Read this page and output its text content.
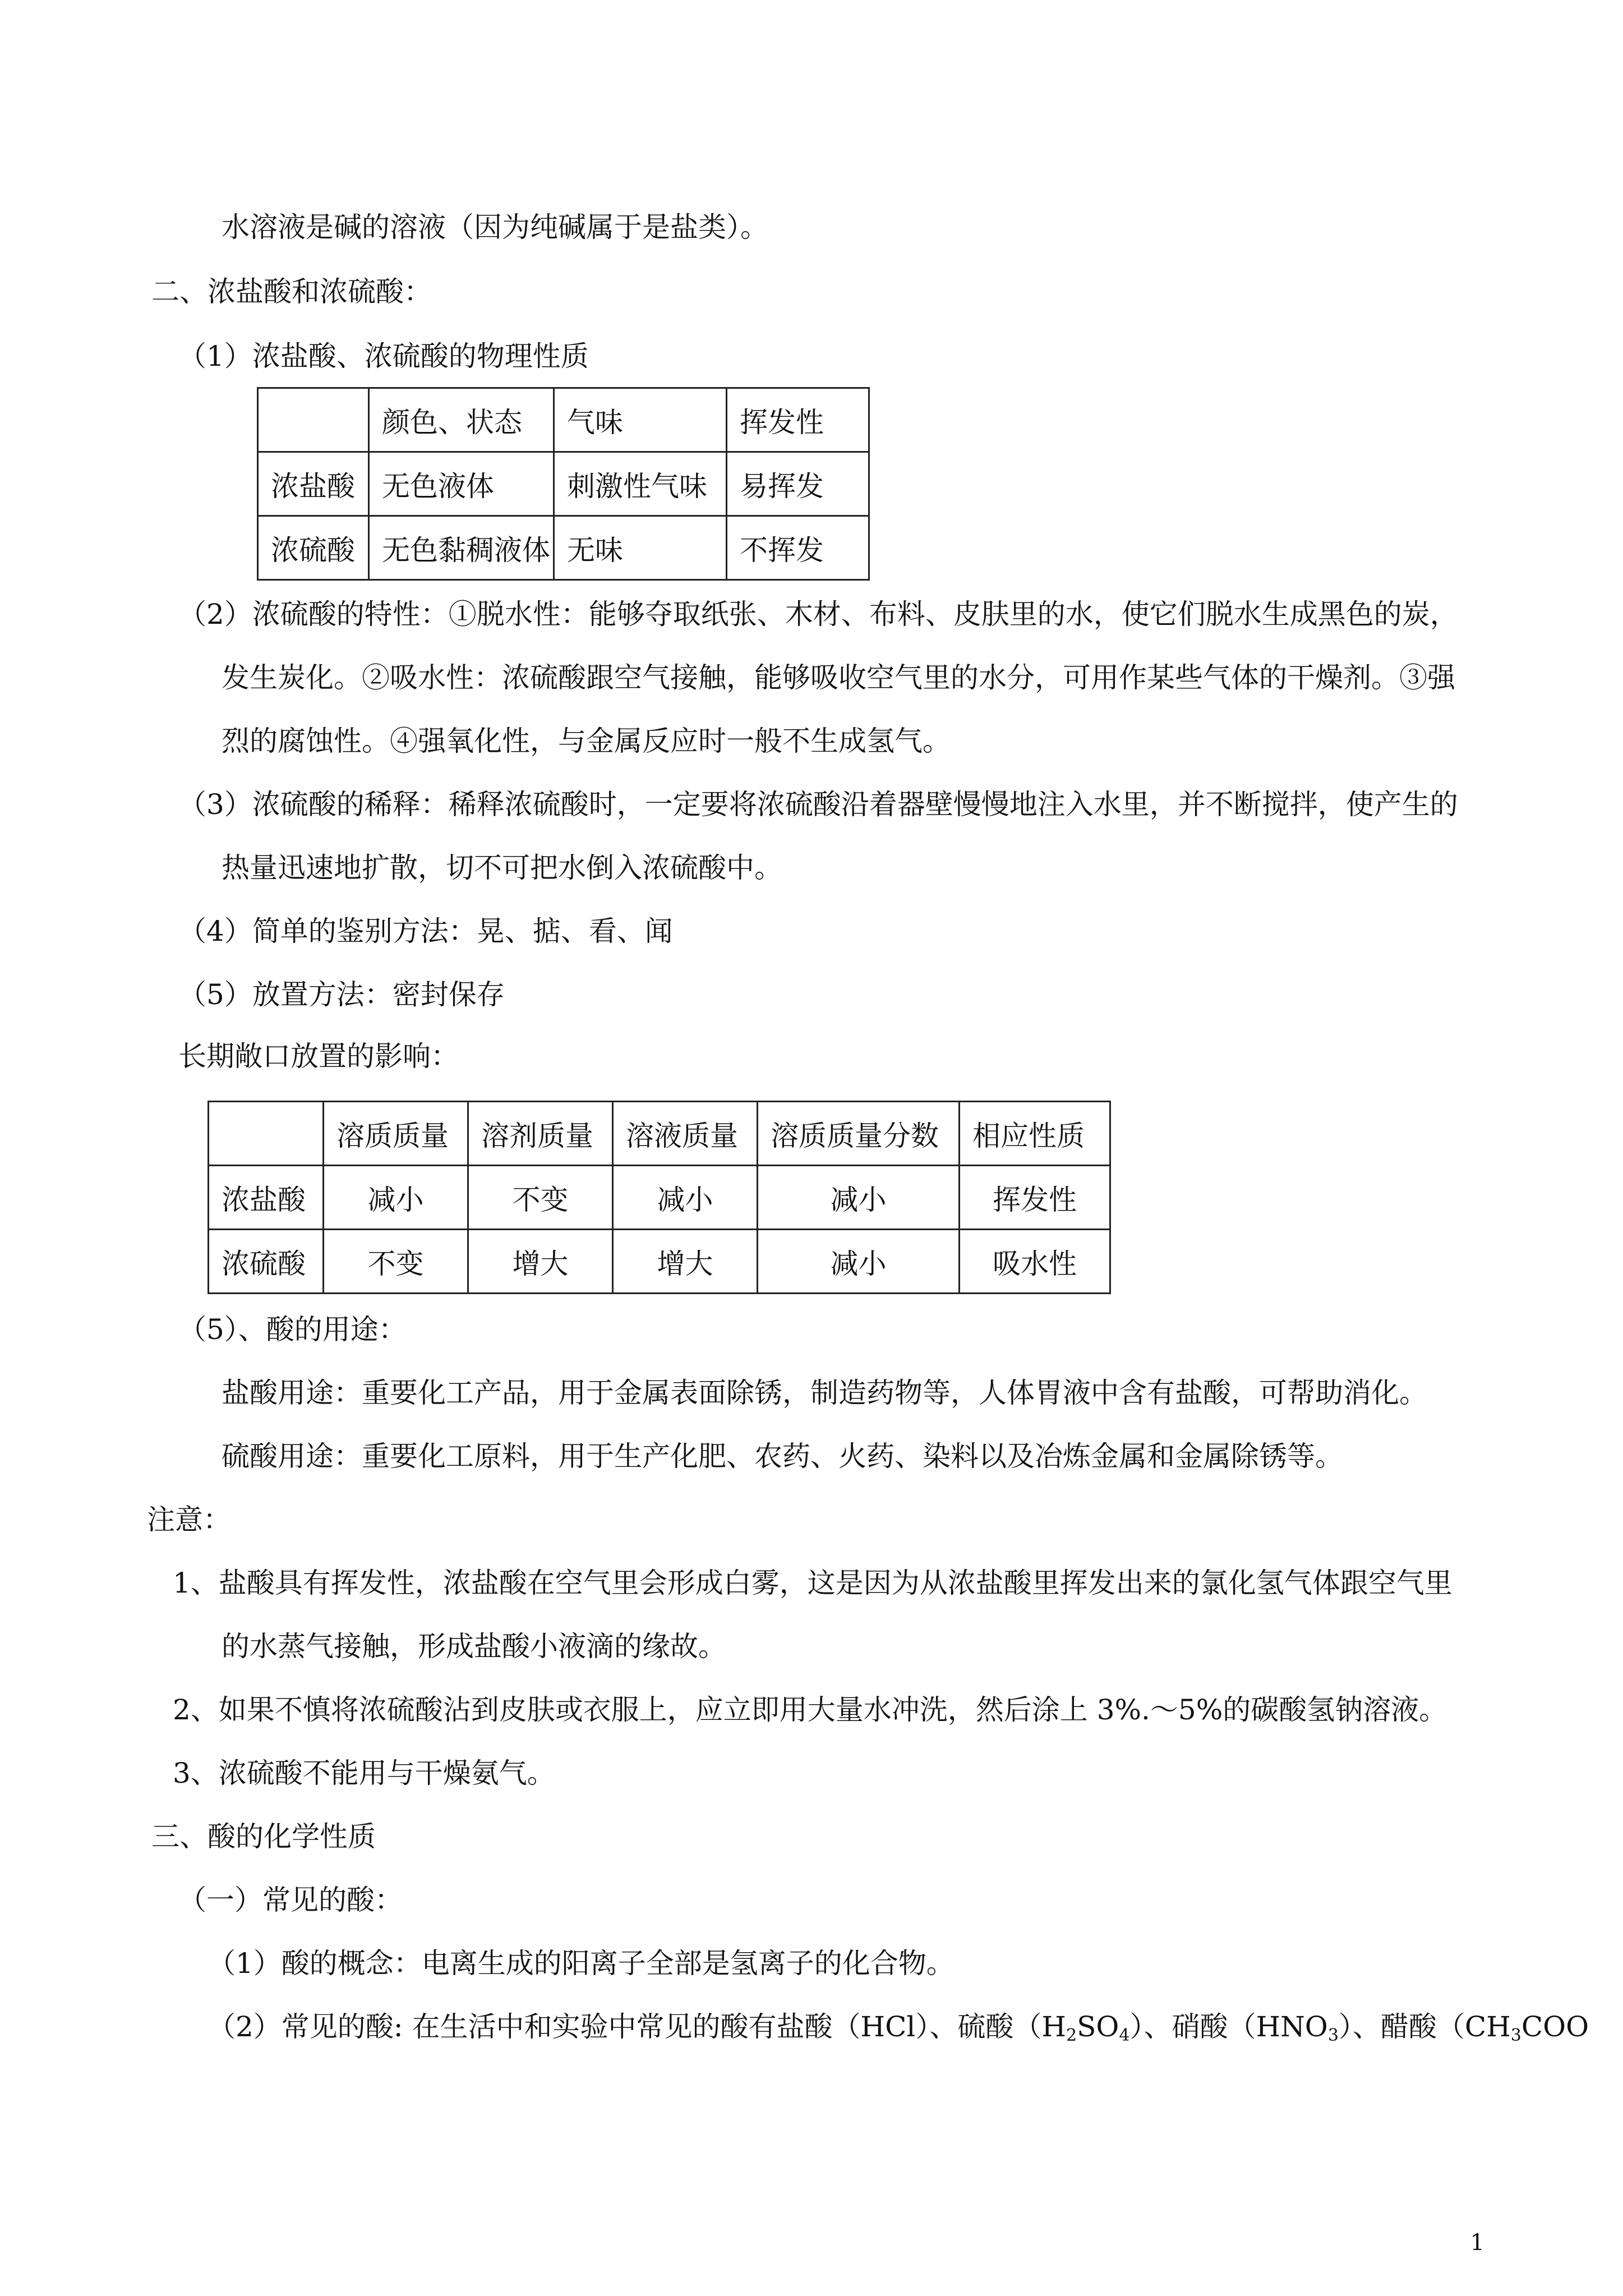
水溶液是碱的溶液（因为纯碱属于是盐类）。
二、浓盐酸和浓硫酸：
（1）浓盐酸、浓硫酸的物理性质
	颜色、状态	气味	挥发性
浓盐酸	无色液体	刺激性气味	易挥发
浓硫酸	无色黏稠液体	无味	不挥发
（2）浓硫酸的特性：①脱水性：能够夺取纸张、木材、布料、皮肤里的水，使它们脱水生成黑色的炭，
发生炭化。②吸水性：浓硫酸跟空气接触，能够吸收空气里的水分，可用作某些气体的干燥剂。③强
烈的腐蚀性。④强氧化性，与金属反应时一般不生成氢气。
（3）浓硫酸的稀释：稀释浓硫酸时，一定要将浓硫酸沿着器壁慢慢地注入水里，并不断搅拌，使产生的
热量迅速地扩散，切不可把水倒入浓硫酸中。
（4）简单的鉴别方法：晃、掂、看、闻
（5）放置方法：密封保存
长期敞口放置的影响：
	溶质质量	溶剂质量	溶液质量	溶质质量分数	相应性质
浓盐酸	减小	不变	减小	减小	挥发性
浓硫酸	不变	增大	增大	减小	吸水性
（5）、酸的用途：
盐酸用途：重要化工产品，用于金属表面除锈，制造药物等，人体胃液中含有盐酸，可帮助消化。
硫酸用途：重要化工原料，用于生产化肥、农药、火药、染料以及冶炼金属和金属除锈等。
注意：
1、盐酸具有挥发性，浓盐酸在空气里会形成白雾，这是因为从浓盐酸里挥发出来的氯化氢气体跟空气里
的水蒸气接触，形成盐酸小液滴的缘故。
2、如果不慎将浓硫酸沾到皮肤或衣服上，应立即用大量水冲洗，然后涂上 3%.～5%的碳酸氢钠溶液。
3、浓硫酸不能用与干燥氨气。
三、酸的化学性质
（一）常见的酸：
（1）酸的概念：电离生成的阳离子全部是氢离子的化合物。
（2）常见的酸: 在生活中和实验中常见的酸有盐酸（HCl）、硫酸$(H_2SO_4)$、硝酸$(HNO_3)$、醋酸（$CH_3COO$
1
